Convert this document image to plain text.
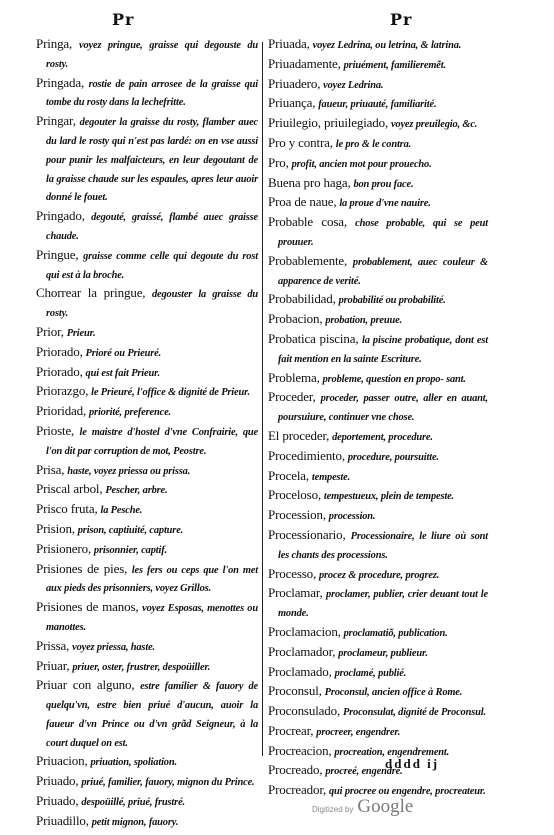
Pr	Pr

Pringa, voyez pringue, graisse qui degouste du rosty.

Pringada, rostie de pain arrosee de la graisse qui tombe du rosty dans la lechefritte.

Pringar, degouter la graisse du rosty, flamber auec du lard le rosty qui n'est pas lardé: on en vse aussi pour punir les malfaicteurs, en leur degoutant de la graisse chaude sur les espaules, apres leur auoir donné le fouet.

Pringado, degouté, graissé, flambé auec graisse chaude.

Pringue, graisse comme celle qui degoute du rost qui est à la broche.

Chorrear la pringue, degouster la graisse du rosty.

Prior, Prieur.

Priorado, Prioré ou Prieuré.

Priorado, qui est fait Prieur.

Priorazgo, le Prieuré, l'office & dignité de Prieur.

Prioridad, priorité, preference.

Prioste, le maistre d'hostel d'vne Confrairie, que l'on dit par corruption de mot, Peostre.

Prisa, haste, voyez priessa ou prissa.

Priscal arbol, Pescher, arbre.

Prisco fruta, la Pesche.

Prision, prison, captiuité, capture.

Prisionero, prisonnier, captif.

Prisiones de pies, les fers ou ceps que l'on met aux pieds des prisonniers, voyez Grillos.

Prisiones de manos, voyez Esposas, menottes ou manottes.

Prissa, voyez priessa, haste.

Priuar, priuer, oster, frustrer, despoüiller.

Priuar con alguno, estre familier & fauory de quelqu'vn, estre bien priué d'aucun, auoir la faueur d'vn Prince ou d'vn grãd Seigneur, à la court duquel on est.

Priuacion, priuation, spoliation.

Priuado, priué, familier, fauory, mignon du Prince.

Priuado, despoüillé, priué, frustré.

Priuadillo, petit mignon, fauory.

Priuada, voyez Ledrina, ou letrina, & latrina.

Priuadamente, priuément, familieremẽt.

Priuadero, voyez Ledrina.

Priuança, faueur, priuauté, familiarité.

Priuilegio, priuilegiado, voyez preuilegio, &c.

Pro y contra, le pro & le contra.

Pro, profit, ancien mot pour prouecho.

Buena pro haga, bon prou face.

Proa de naue, la proue d'vne nauire.

Probable cosa, chose probable, qui se peut prouuer.

Probablemente, probablement, auec couleur & apparence de verité.

Probabilidad, probabilité ou probabilité.

Probacion, probation, preuue.

Probatica piscina, la piscine probatique, dont est fait mention en la sainte Escriture.

Problema, probleme, question en propo- sant.

Proceder, proceder, passer outre, aller en auant, poursuiure, continuer vne chose.

El proceder, deportement, procedure.

Procedimiento, procedure, poursuitte.

Procela, tempeste.

Proceloso, tempestueux, plein de tempeste.

Procession, procession.

Processionario, Processionaire, le liure où sont les chants des processions.

Processo, procez & procedure, progrez.

Proclamar, proclamer, publier, crier deuant tout le monde.

Proclamacion, proclamatiõ, publication.

Proclamador, proclameur, publieur.

Proclamado, proclamé, publié.

Proconsul, Proconsul, ancien office à Rome.

Proconsulado, Proconsulat, dignité de Proconsul.

Procrear, procreer, engendrer.

Procreacion, procreation, engendrement.

Procreado, procreé, engendré.

Procreador, qui procree ou engendre, procreateur.

dddd ij
Digitized by Google
